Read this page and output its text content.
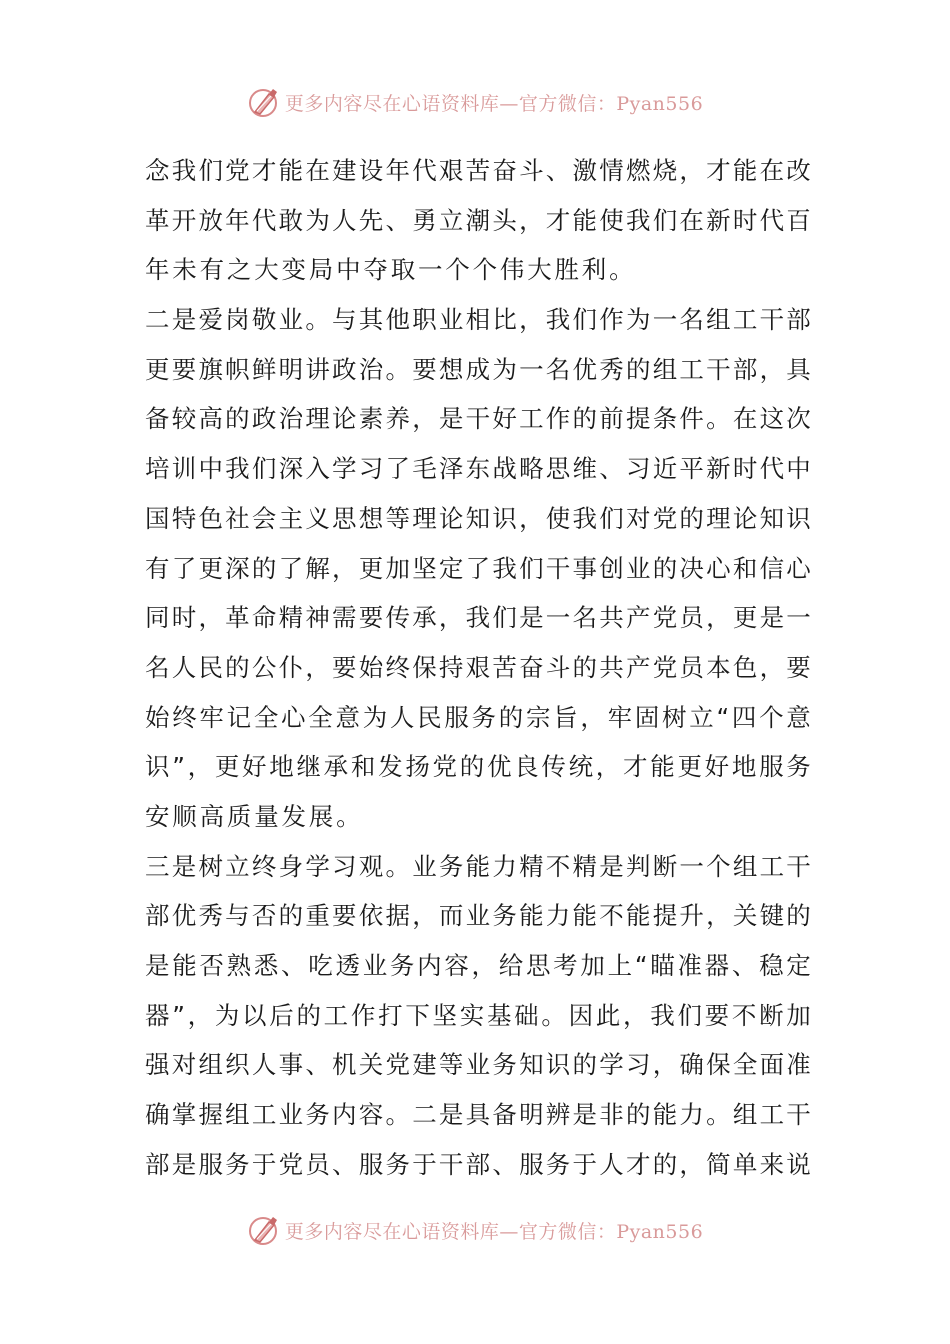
更多内容尽在心语资料库—官方微信：Pyan556
念我们党才能在建设年代艰苦奋斗、激情燃烧，才能在改
革开放年代敢为人先、勇立潮头，才能使我们在新时代百
年未有之大变局中夺取一个个伟大胜利。
二是爱岗敬业。与其他职业相比，我们作为一名组工干部
更要旗帜鲜明讲政治。要想成为一名优秀的组工干部，具
备较高的政治理论素养，是干好工作的前提条件。在这次
培训中我们深入学习了毛泽东战略思维、习近平新时代中
国特色社会主义思想等理论知识，使我们对党的理论知识
有了更深的了解，更加坚定了我们干事创业的决心和信心
同时，革命精神需要传承，我们是一名共产党员，更是一
名人民的公仆，要始终保持艰苦奋斗的共产党员本色，要
始终牢记全心全意为人民服务的宗旨，牢固树立“四个意
识”，更好地继承和发扬党的优良传统，才能更好地服务
安顺高质量发展。
三是树立终身学习观。业务能力精不精是判断一个组工干
部优秀与否的重要依据，而业务能力能不能提升，关键的
是能否熟悉、吃透业务内容，给思考加上“瞄准器、稳定
器”，为以后的工作打下坚实基础。因此，我们要不断加
强对组织人事、机关党建等业务知识的学习，确保全面准
确掌握组工业务内容。二是具备明辨是非的能力。组工干
部是服务于党员、服务于干部、服务于人才的，简单来说
更多内容尽在心语资料库—官方微信：Pyan556
